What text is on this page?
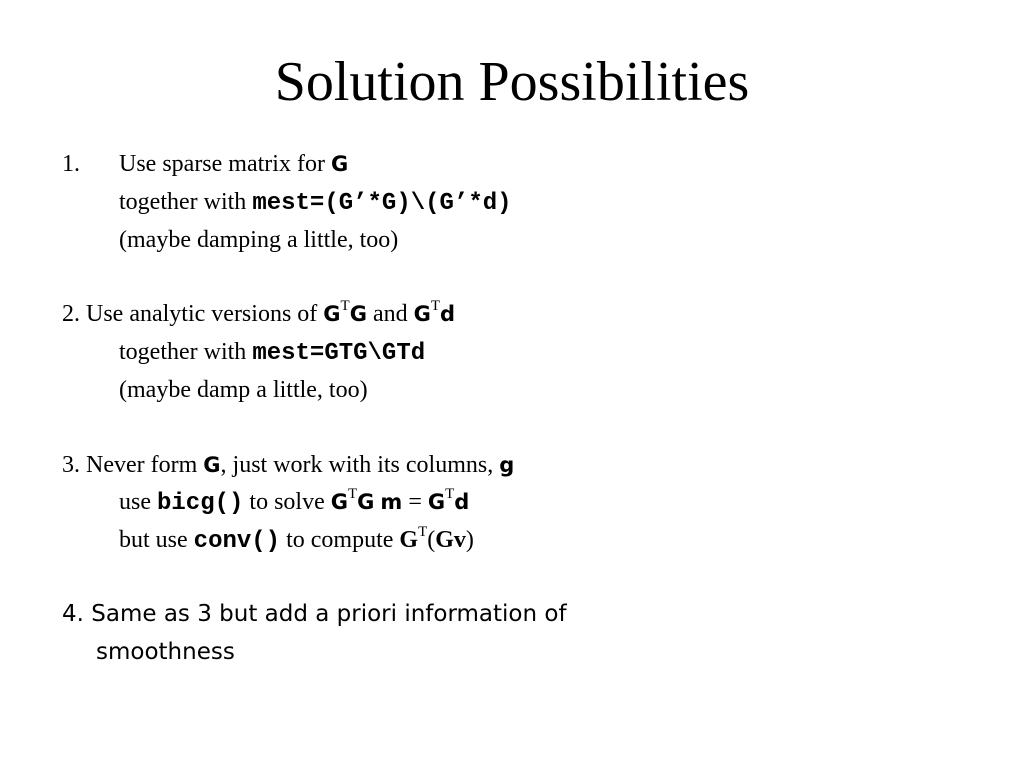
Solution Possibilities
1. Use sparse matrix for G
together with mest=(G’*G)\(G’*d)
(maybe damping a little, too)
2. Use analytic versions of $G^TG$ and $G^Td$
together with mest=GTG\GTd
(maybe damp a little, too)
3. Never form G, just work with its columns, g
use bicg() to solve $G^TG$ $m = G^Td$
but use conv() to compute $G^T(Gv)$
4. Same as 3 but add a priori information of
smoothness
